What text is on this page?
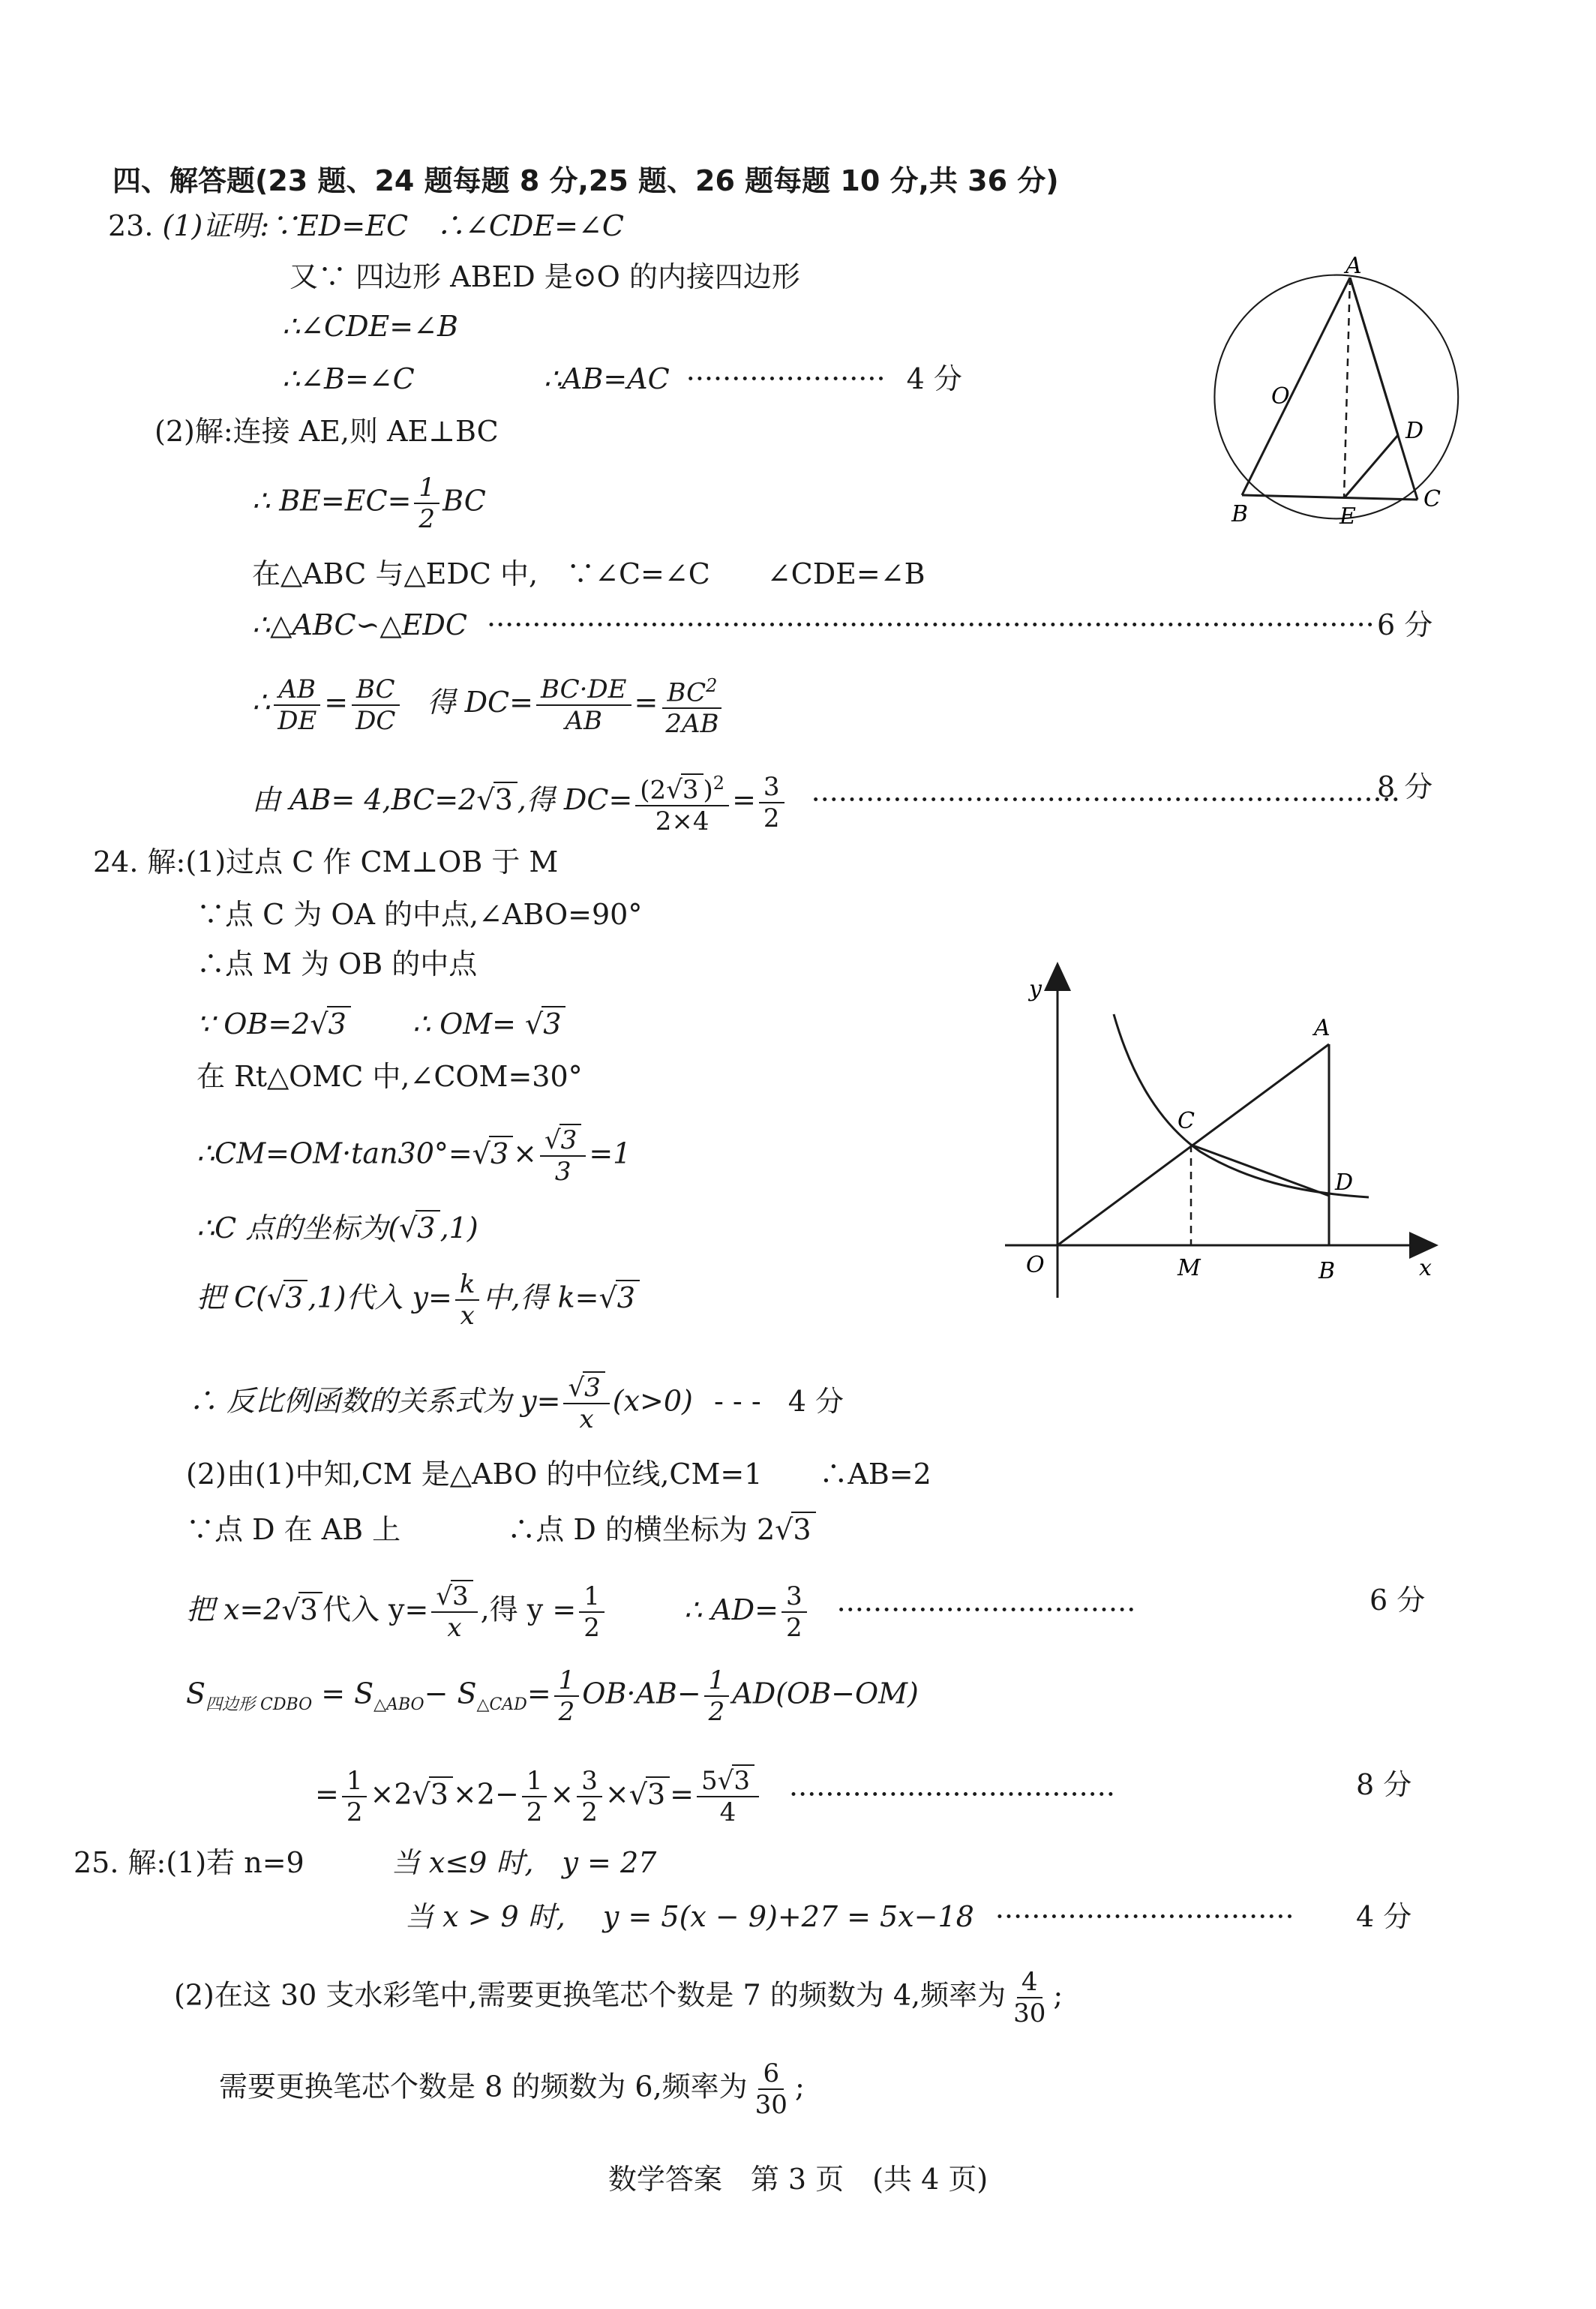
四、解答题(23 题、24 题每题 8 分,25 题、26 题每题 10 分,共 36 分)
23. (1)证明:∵ED=EC　∴∠CDE=∠C
又∵ 四边形 ABED 是⊙O 的内接四边形
∴∠CDE=∠B
∴∠B=∠C	∴AB=AC ······················ 4 分
(2)解:连接 AE,则 AE⊥BC
∴ $BE=EC= \frac{1}{2}$ BC
在△ABC 与△EDC 中,　∵∠C=∠C　　∠CDE=∠B
∴△ABC∽△EDC ·································································································· 6 分
∴ $\frac{AB}{DE} = \frac{BC}{DC}$ 得 $DC= \frac{BC\cdot DE}{AB} = \frac{BC^2}{2AB}$
由 AB= 4,BC=2√3 ,得 $DC= \frac{(2√3 )^2}{2\times 4} = \frac{3}{2}$ ·································································
8 分
A
B	E
C
D
O
24. 解:(1)过点 C 作 CM⊥OB 于 M
∵点 C 为 OA 的中点,∠ABO=90°
∴点 M 为 OB 的中点
∵ OB=2√3 ∴ OM= √3
在 Rt△OMC 中,∠COM=30°
∴CM=OM·tan30°=√3 × $\frac{√3}{3} =1$
∴C 点的坐标为(√3 ,1)
把 C(√3 ,1)代入 $y= \frac{k}{x}$ 中,得 k=√3
∴ 反比例函数的关系式为 $y= \frac{√3}{x} (x>0)$ - - - 4 分
(2)由(1)中知,CM 是△ABO 的中位线,CM=1　　∴AB=2
∵点 D 在 AB 上	∴点 D 的横坐标为 2√3
把 x=2√3 代入 $y= \frac{√3}{x}$ ,得 $y = \frac{1}{2}$	∴ $AD= \frac{3}{2}$ ·································	6 分
$S_{四边形 CDBO} = S_{\triangle ABO}- S_{\triangle CAD}= \frac{1}{2} OB\cdot AB- \frac{1}{2} AD(OB-OM)$
= $\frac{1}{2} \times 2√3 \times 2- \frac{1}{2} \times \frac{3}{2} \times√3 = \frac{5√3}{4}$ ····································	8 分
y
x
A
C
D
M	B
O
25. 解:(1)若 n=9	当 x≤9 时,　y = 27
当 x > 9 时,　 y = 5(x − 9)+27 = 5x−18 ································· 4 分
(2)在这 30 支水彩笔中,需要更换笔芯个数是 7 的频数为 4,频率为 $\frac{4}{30}$ ;
需要更换笔芯个数是 8 的频数为 6,频率为 $\frac{6}{30}$ ;
数学答案　第 3 页　(共 4 页)
